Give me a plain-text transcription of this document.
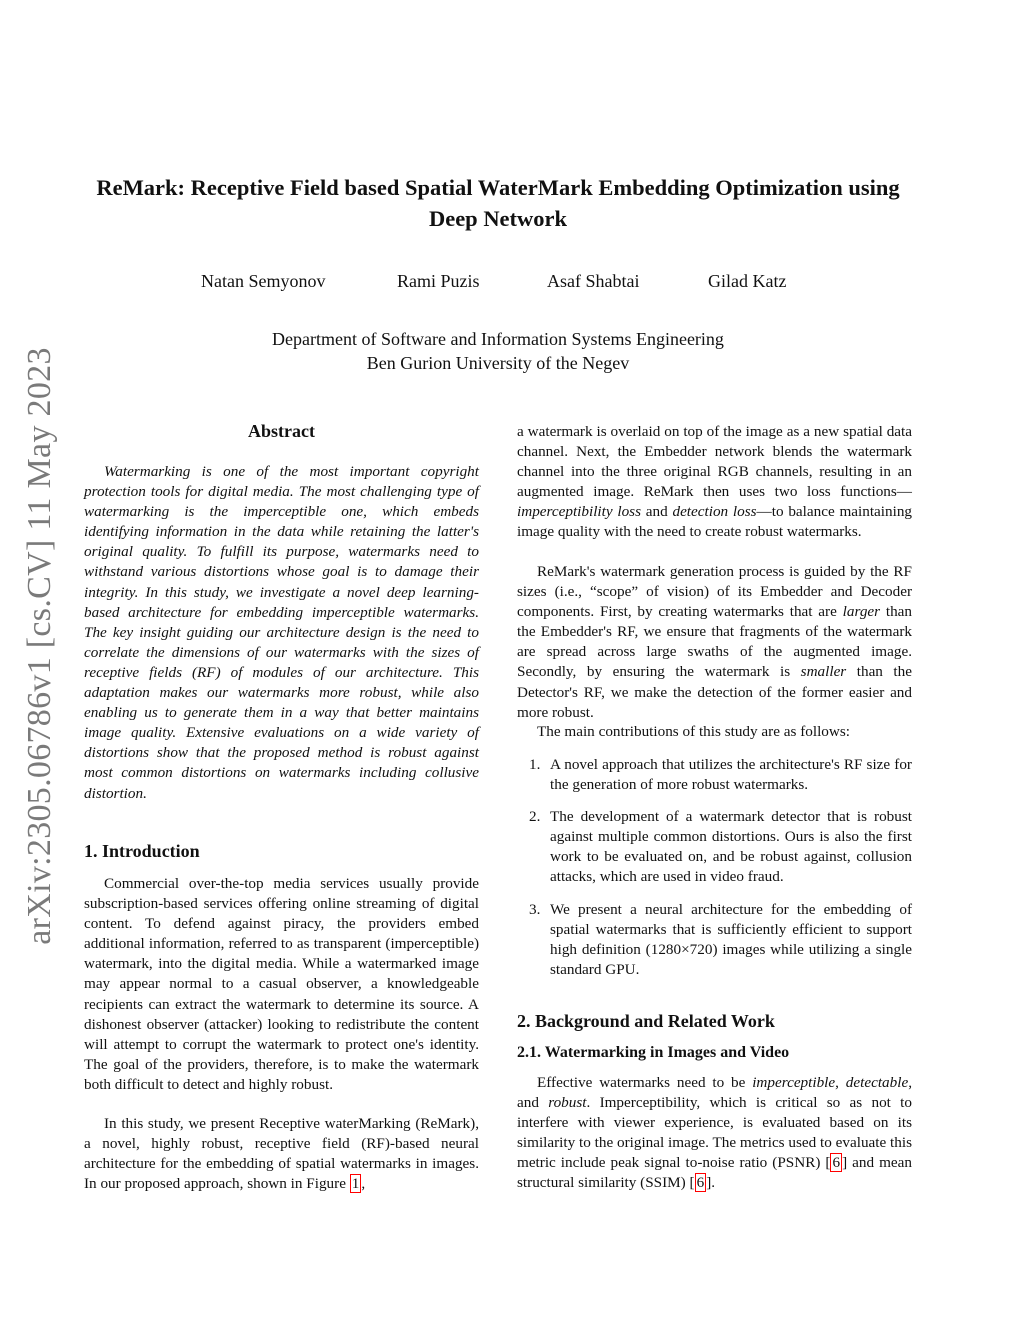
arXiv:2305.06786v1 [cs.CV] 11 May 2023
ReMark: Receptive Field based Spatial WaterMark Embedding Optimization using Deep Network
Natan Semyonov	Rami Puzis	Asaf Shabtai	Gilad Katz
Department of Software and Information Systems Engineering
Ben Gurion University of the Negev
Abstract

Watermarking is one of the most important copyright protection tools for digital media. The most challenging type of watermarking is the imperceptible one, which embeds identifying information in the data while retaining the latter's original quality. To fulfill its purpose, watermarks need to withstand various distortions whose goal is to damage their integrity. In this study, we investigate a novel deep learning-based architecture for embedding imperceptible watermarks. The key insight guiding our architecture design is the need to correlate the dimensions of our watermarks with the sizes of receptive fields (RF) of modules of our architecture. This adaptation makes our watermarks more robust, while also enabling us to generate them in a way that better maintains image quality. Extensive evaluations on a wide variety of distortions show that the proposed method is robust against most common distortions on watermarks including collusive distortion.

1. Introduction

Commercial over-the-top media services usually provide subscription-based services offering online streaming of digital content. To defend against piracy, the providers embed additional information, referred to as transparent (imperceptible) watermark, into the digital media. While a watermarked image may appear normal to a casual observer, a knowledgeable recipients can extract the watermark to determine its source. A dishonest observer (attacker) looking to redistribute the content will attempt to corrupt the watermark to protect one's identity. The goal of the providers, therefore, is to make the watermark both difficult to detect and highly robust.

In this study, we present Receptive waterMarking (ReMark), a novel, highly robust, receptive field (RF)-based neural architecture for the embedding of spatial watermarks in images. In our proposed approach, shown in Figure 1 ,

a watermark is overlaid on top of the image as a new spatial data channel. Next, the Embedder network blends the watermark channel into the three original RGB channels, resulting in an augmented image. ReMark then uses two loss functions—imperceptibility loss and detection loss—to balance maintaining image quality with the need to create robust watermarks.

ReMark's watermark generation process is guided by the RF sizes (i.e., “scope” of vision) of its Embedder and Decoder components. First, by creating watermarks that are larger than the Embedder's RF, we ensure that fragments of the watermark are spread across large swaths of the augmented image. Secondly, by ensuring the watermark is smaller than the Detector's RF, we make the detection of the former easier and more robust.

The main contributions of this study are as follows:

1. A novel approach that utilizes the architecture's RF size for the generation of more robust watermarks.
2. The development of a watermark detector that is robust against multiple common distortions. Ours is also the first work to be evaluated on, and be robust against, collusion attacks, which are used in video fraud.
3. We present a neural architecture for the embedding of spatial watermarks that is sufficiently efficient to support high definition (1280×720) images while utilizing a single standard GPU.
2. Background and Related Work
2.1. Watermarking in Images and Video

Effective watermarks need to be imperceptible, detectable, and robust. Imperceptibility, which is critical so as not to interfere with viewer experience, is evaluated based on its similarity to the original image. The metrics used to evaluate this metric include peak signal to-noise ratio (PSNR) [ 6 ] and mean structural similarity (SSIM) [ 6 ].
